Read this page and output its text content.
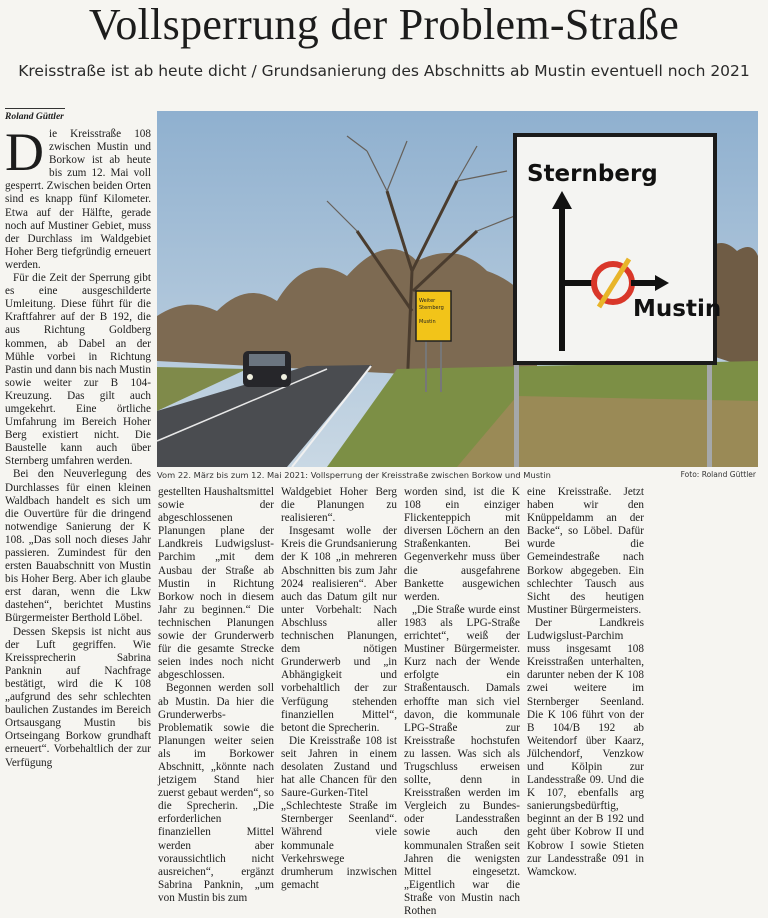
Vollsperrung der Problem-Straße

Kreisstraße ist ab heute dicht / Grundsanierung des Abschnitts ab Mustin eventuell noch 2021

Roland Güttler

Die Kreisstraße 108 zwischen Mustin und Borkow ist ab heute bis zum 12. Mai voll gesperrt. Zwischen beiden Orten sind es knapp fünf Kilometer. Etwa auf der Hälfte, gerade noch auf Mustiner Gebiet, muss der Durchlass im Waldgebiet Hoher Berg tiefgründig erneuert werden.

Für die Zeit der Sperrung gibt es eine ausgeschilderte Umleitung. Diese führt für die Kraftfahrer auf der B 192, die aus Richtung Goldberg kommen, ab Dabel an der Mühle vorbei in Richtung Pastin und dann bis nach Mustin sowie weiter zur B 104-Kreuzung. Das gilt auch umgekehrt. Eine örtliche Umfahrung im Bereich Hoher Berg existiert nicht. Die Baustelle kann auch über Sternberg umfahren werden.

Bei den Neuverlegung des Durchlasses für einen kleinen Waldbach handelt es sich um die Ouvertüre für die dringend notwendige Sanierung der K 108. „Das soll noch dieses Jahr passieren. Zumindest für den ersten Bauabschnitt von Mustin bis Hoher Berg. Aber ich glaube erst daran, wenn die Lkw dastehen“, berichtet Mustins Bürgermeister Berthold Löbel.

Dessen Skepsis ist nicht aus der Luft gegriffen. Wie Kreissprecherin Sabrina Panknin auf Nachfrage bestätigt, wird die K 108 „aufgrund des sehr schlechten baulichen Zustandes im Bereich Ortsausgang Mustin bis Ortseingang Borkow grundhaft erneuert“. Vorbehaltlich der zur Verfügung

Weiter
Sternberg
Mustin
Sternberg
Mustin
Vom 22. März bis zum 12. Mai 2021: Vollsperrung der Kreisstraße zwischen Borkow und Mustin	Foto: Roland Güttler

gestellten Haushaltsmittel sowie der abgeschlossenen Planungen plane der Landkreis Ludwigslust-Parchim „mit dem Ausbau der Straße ab Mustin in Richtung Borkow noch in diesem Jahr zu beginnen.“ Die technischen Planungen sowie der Grunderwerb für die gesamte Strecke seien indes noch nicht abgeschlossen.

Begonnen werden soll ab Mustin. Da hier die Grunderwerbs-Problematik sowie die Planungen weiter seien als im Borkower Abschnitt, „könnte nach jetzigem Stand hier zuerst gebaut werden“, so die Sprecherin. „Die erforderlichen finanziellen Mittel werden aber voraussichtlich nicht ausreichen“, ergänzt Sabrina Panknin, „um von Mustin bis zum

Waldgebiet Hoher Berg die Planungen zu realisieren“.

Insgesamt wolle der Kreis die Grundsanierung der K 108 „in mehreren Abschnitten bis zum Jahr 2024 realisieren“. Aber auch das Datum gilt nur unter Vorbehalt: Nach Abschluss aller technischen Planungen, dem nötigen Grunderwerb und „in Abhängigkeit und vorbehaltlich der zur Verfügung stehenden finanziellen Mittel“, betont die Sprecherin.

Die Kreisstraße 108 ist seit Jahren in einem desolaten Zustand und hat alle Chancen für den Saure-Gurken-Titel „Schlechteste Straße im Sternberger Seenland“. Während viele kommunale Verkehrswege drumherum inzwischen gemacht

worden sind, ist die K 108 ein einziger Flickenteppich mit diversen Löchern an den Straßenkanten. Bei Gegenverkehr muss über die ausgefahrene Bankette ausgewichen werden.

„Die Straße wurde einst 1983 als LPG-Straße errichtet“, weiß der Mustiner Bürgermeister. Kurz nach der Wende erfolgte ein Straßentausch. Damals erhoffte man sich viel davon, die kommunale LPG-Straße zur Kreisstraße hochstufen zu lassen. Was sich als Trugschluss erweisen sollte, denn in Kreisstraßen werden im Vergleich zu Bundes- oder Landesstraßen sowie auch den kommunalen Straßen seit Jahren die wenigsten Mittel eingesetzt. „Eigentlich war die Straße von Mustin nach Rothen

eine Kreisstraße. Jetzt haben wir den Knüppeldamm an der Backe“, so Löbel. Dafür wurde die Gemeindestraße nach Borkow abgegeben. Ein schlechter Tausch aus Sicht des heutigen Mustiner Bürgermeisters.

Der Landkreis Ludwigslust-Parchim muss insgesamt 108 Kreisstraßen unterhalten, darunter neben der K 108 zwei weitere im Sternberger Seenland. Die K 106 führt von der B 104/B 192 ab Weitendorf über Kaarz, Jülchendorf, Venzkow und Kölpin zur Landesstraße 09. Und die K 107, ebenfalls arg sanierungsbedürftig, beginnt an der B 192 und geht über Kobrow II und Kobrow I sowie Stieten zur Landesstraße 091 in Wamckow.
